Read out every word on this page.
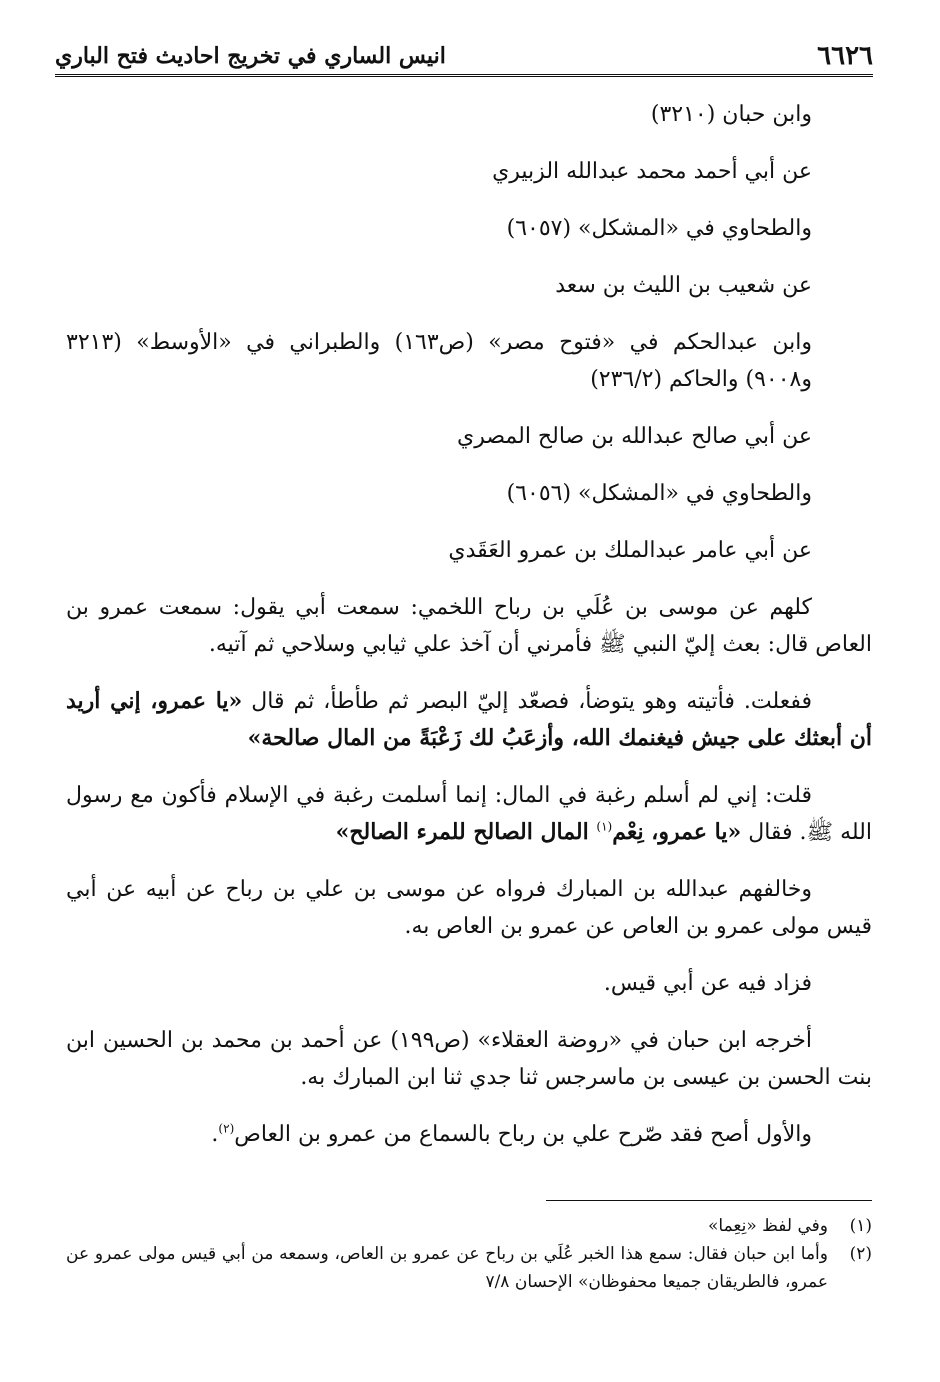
٦٦٢٦
انيس الساري في تخريج احاديث فتح الباري

وابن حبان (٣٢١٠)

عن أبي أحمد محمد عبدالله الزبيري

والطحاوي في «المشكل» (٦٠٥٧)

عن شعيب بن الليث بن سعد

وابن عبدالحكم في «فتوح مصر» (ص١٦٣) والطبراني في «الأوسط» (٣٢١٣ و٩٠٠٨) والحاكم (٢٣٦/٢)

عن أبي صالح عبدالله بن صالح المصري

والطحاوي في «المشكل» (٦٠٥٦)

عن أبي عامر عبدالملك بن عمرو العَقَدي

كلهم عن موسى بن عُلَي بن رباح اللخمي: سمعت أبي يقول: سمعت عمرو بن العاص قال: بعث إليّ النبي ﷺ فأمرني أن آخذ علي ثيابي وسلاحي ثم آتيه.

ففعلت. فأتيته وهو يتوضأ، فصعّد إليّ البصر ثم طأطأ، ثم قال «يا عمرو، إني أريد أن أبعثك على جيش فيغنمك الله، وأزعَبُ لك زَعْبَةً من المال صالحة»

قلت: إني لم أسلم رغبة في المال: إنما أسلمت رغبة في الإسلام فأكون مع رسول الله ﷺ. فقال «يا عمرو، نِعْم$^{(١)}$ المال الصالح للمرء الصالح»

وخالفهم عبدالله بن المبارك فرواه عن موسى بن علي بن رباح عن أبيه عن أبي قيس مولى عمرو بن العاص عن عمرو بن العاص به.

فزاد فيه عن أبي قيس.

أخرجه ابن حبان في «روضة العقلاء» (ص١٩٩) عن أحمد بن محمد بن الحسين ابن بنت الحسن بن عيسى بن ماسرجس ثنا جدي ثنا ابن المبارك به.

والأول أصح فقد صّرح علي بن رباح بالسماع من عمرو بن العاص$^{(٢)}$.

(١)
وفي لفظ «نِعِما»
(٢)
وأما ابن حبان فقال: سمع هذا الخبر عُلَي بن رباح عن عمرو بن العاص، وسمعه من أبي قيس مولى عمرو عن عمرو، فالطريقان جميعا محفوظان» الإحسان ٧/٨
